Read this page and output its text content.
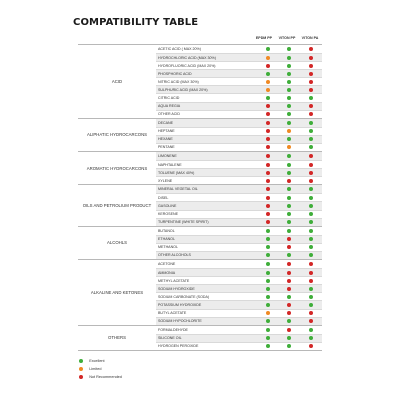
COMPATIBILITY TABLE
EPDM PP	VITON PP	VITON PA
ACID
ACETIC ACID ( MAX 20%)
HYDROCHLORIC ACID (MAX 30%)
HYDROFLUORIC ACID (MAX 20%)
PHOSPHORIC ACID
NITRIC ACID (MAX 30%)
SULPHURIC ACID (MAX 20%)
CITRIC ACID
AQUA REGIA
OTHER ACID
ALIPHATIC HYDROCARCONS
DECANE
HEPTANE
HEXANE
PENTANE
AROMATIC HYDROCARCONS
LIMONENE
NAPHTALENE
TOLUENE (MAX 40%)
XYLENE
OILS AND PETROLIUM PRODUCT
MINERAL VEGETAL OIL
DISEL
GASOLINE
KEROSENE
TURPENTINE (WHITE SPIRIT)
ALCOHLS
BUTANOL
ETHANOL
METHANOL
OTHER ALCOHOLS
ALKALINE AND KETONES
ACETONE
AMMONIA
METHYL ACETATE
SODIUM HYDROXIDE
SODIUM CARBONATE (SODA)
POTASSIUM HYDROXIDE
BUTYL ACETATE
SODIUM HYPOCHLORITE
OTHERS
FORMALDEHYDE
SILICONE OIL
HYDROGEN PEROXIDE
Excellent
Limited
Not Recommended
